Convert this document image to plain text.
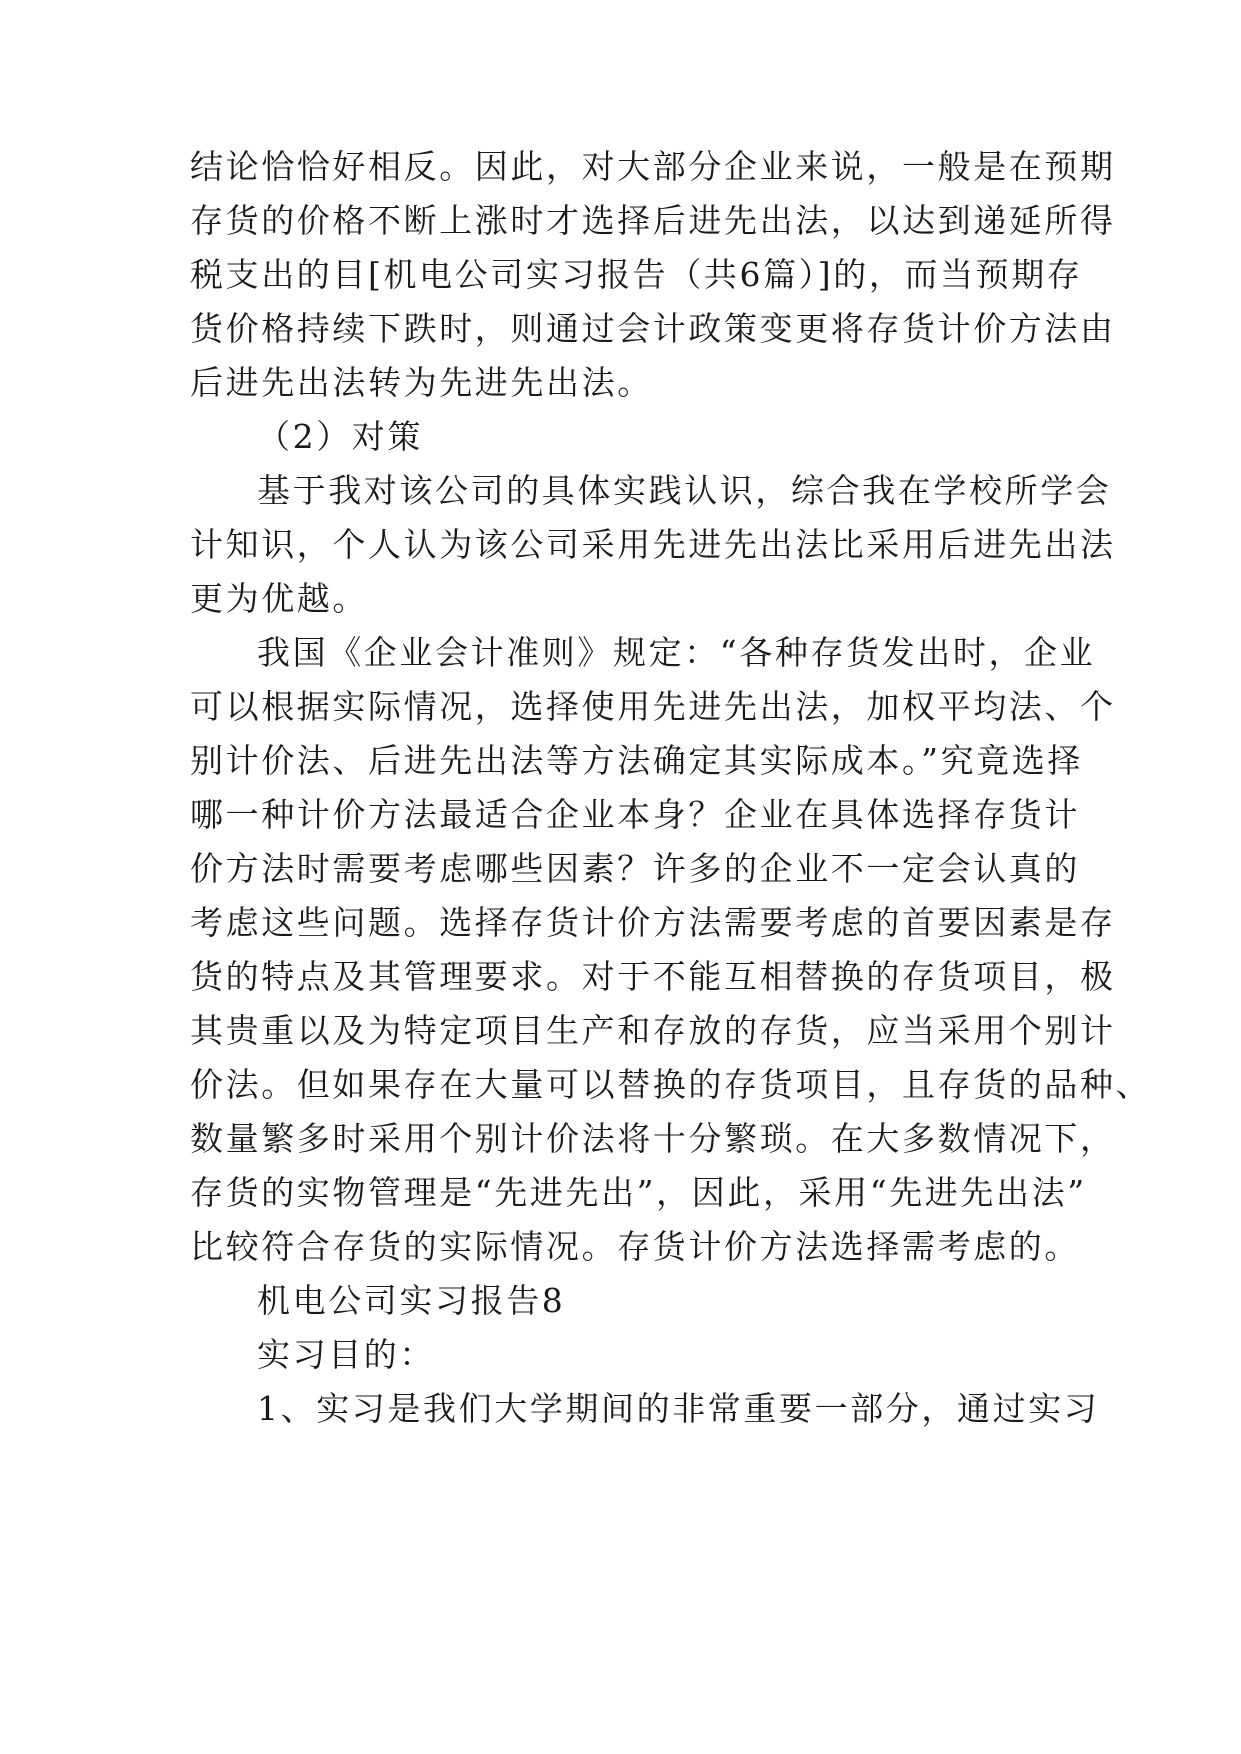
结论恰恰好相反。因此，对大部分企业来说，一般是在预期
存货的价格不断上涨时才选择后进先出法，以达到递延所得
税支出的目[机电公司实习报告（共6篇）]的，而当预期存
货价格持续下跌时，则通过会计政策变更将存货计价方法由
后进先出法转为先进先出法。
（2）对策
基于我对该公司的具体实践认识，综合我在学校所学会
计知识，个人认为该公司采用先进先出法比采用后进先出法
更为优越。
我国《企业会计准则》规定：“各种存货发出时，企业
可以根据实际情况，选择使用先进先出法，加权平均法、个
别计价法、后进先出法等方法确定其实际成本。”究竟选择
哪一种计价方法最适合企业本身？企业在具体选择存货计
价方法时需要考虑哪些因素？许多的企业不一定会认真的
考虑这些问题。选择存货计价方法需要考虑的首要因素是存
货的特点及其管理要求。对于不能互相替换的存货项目，极
其贵重以及为特定项目生产和存放的存货，应当采用个别计
价法。但如果存在大量可以替换的存货项目，且存货的品种、
数量繁多时采用个别计价法将十分繁琐。在大多数情况下，
存货的实物管理是“先进先出”，因此，采用“先进先出法”
比较符合存货的实际情况。存货计价方法选择需考虑的。
机电公司实习报告8
实习目的：
1、实习是我们大学期间的非常重要一部分，通过实习
